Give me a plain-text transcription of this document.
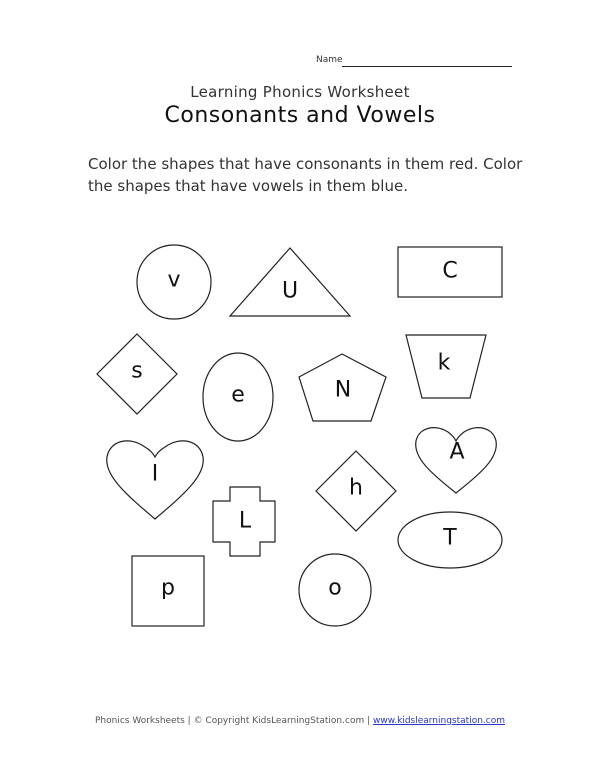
Name
Learning Phonics Worksheet
Consonants and Vowels
Color the shapes that have consonants in them red. Color the shapes that have vowels in them blue.
v	U
C
s
e	N
k
I
h
A
L
T
p	o
Phonics Worksheets | © Copyright KidsLearningStation.com | www.kidslearningstation.com
